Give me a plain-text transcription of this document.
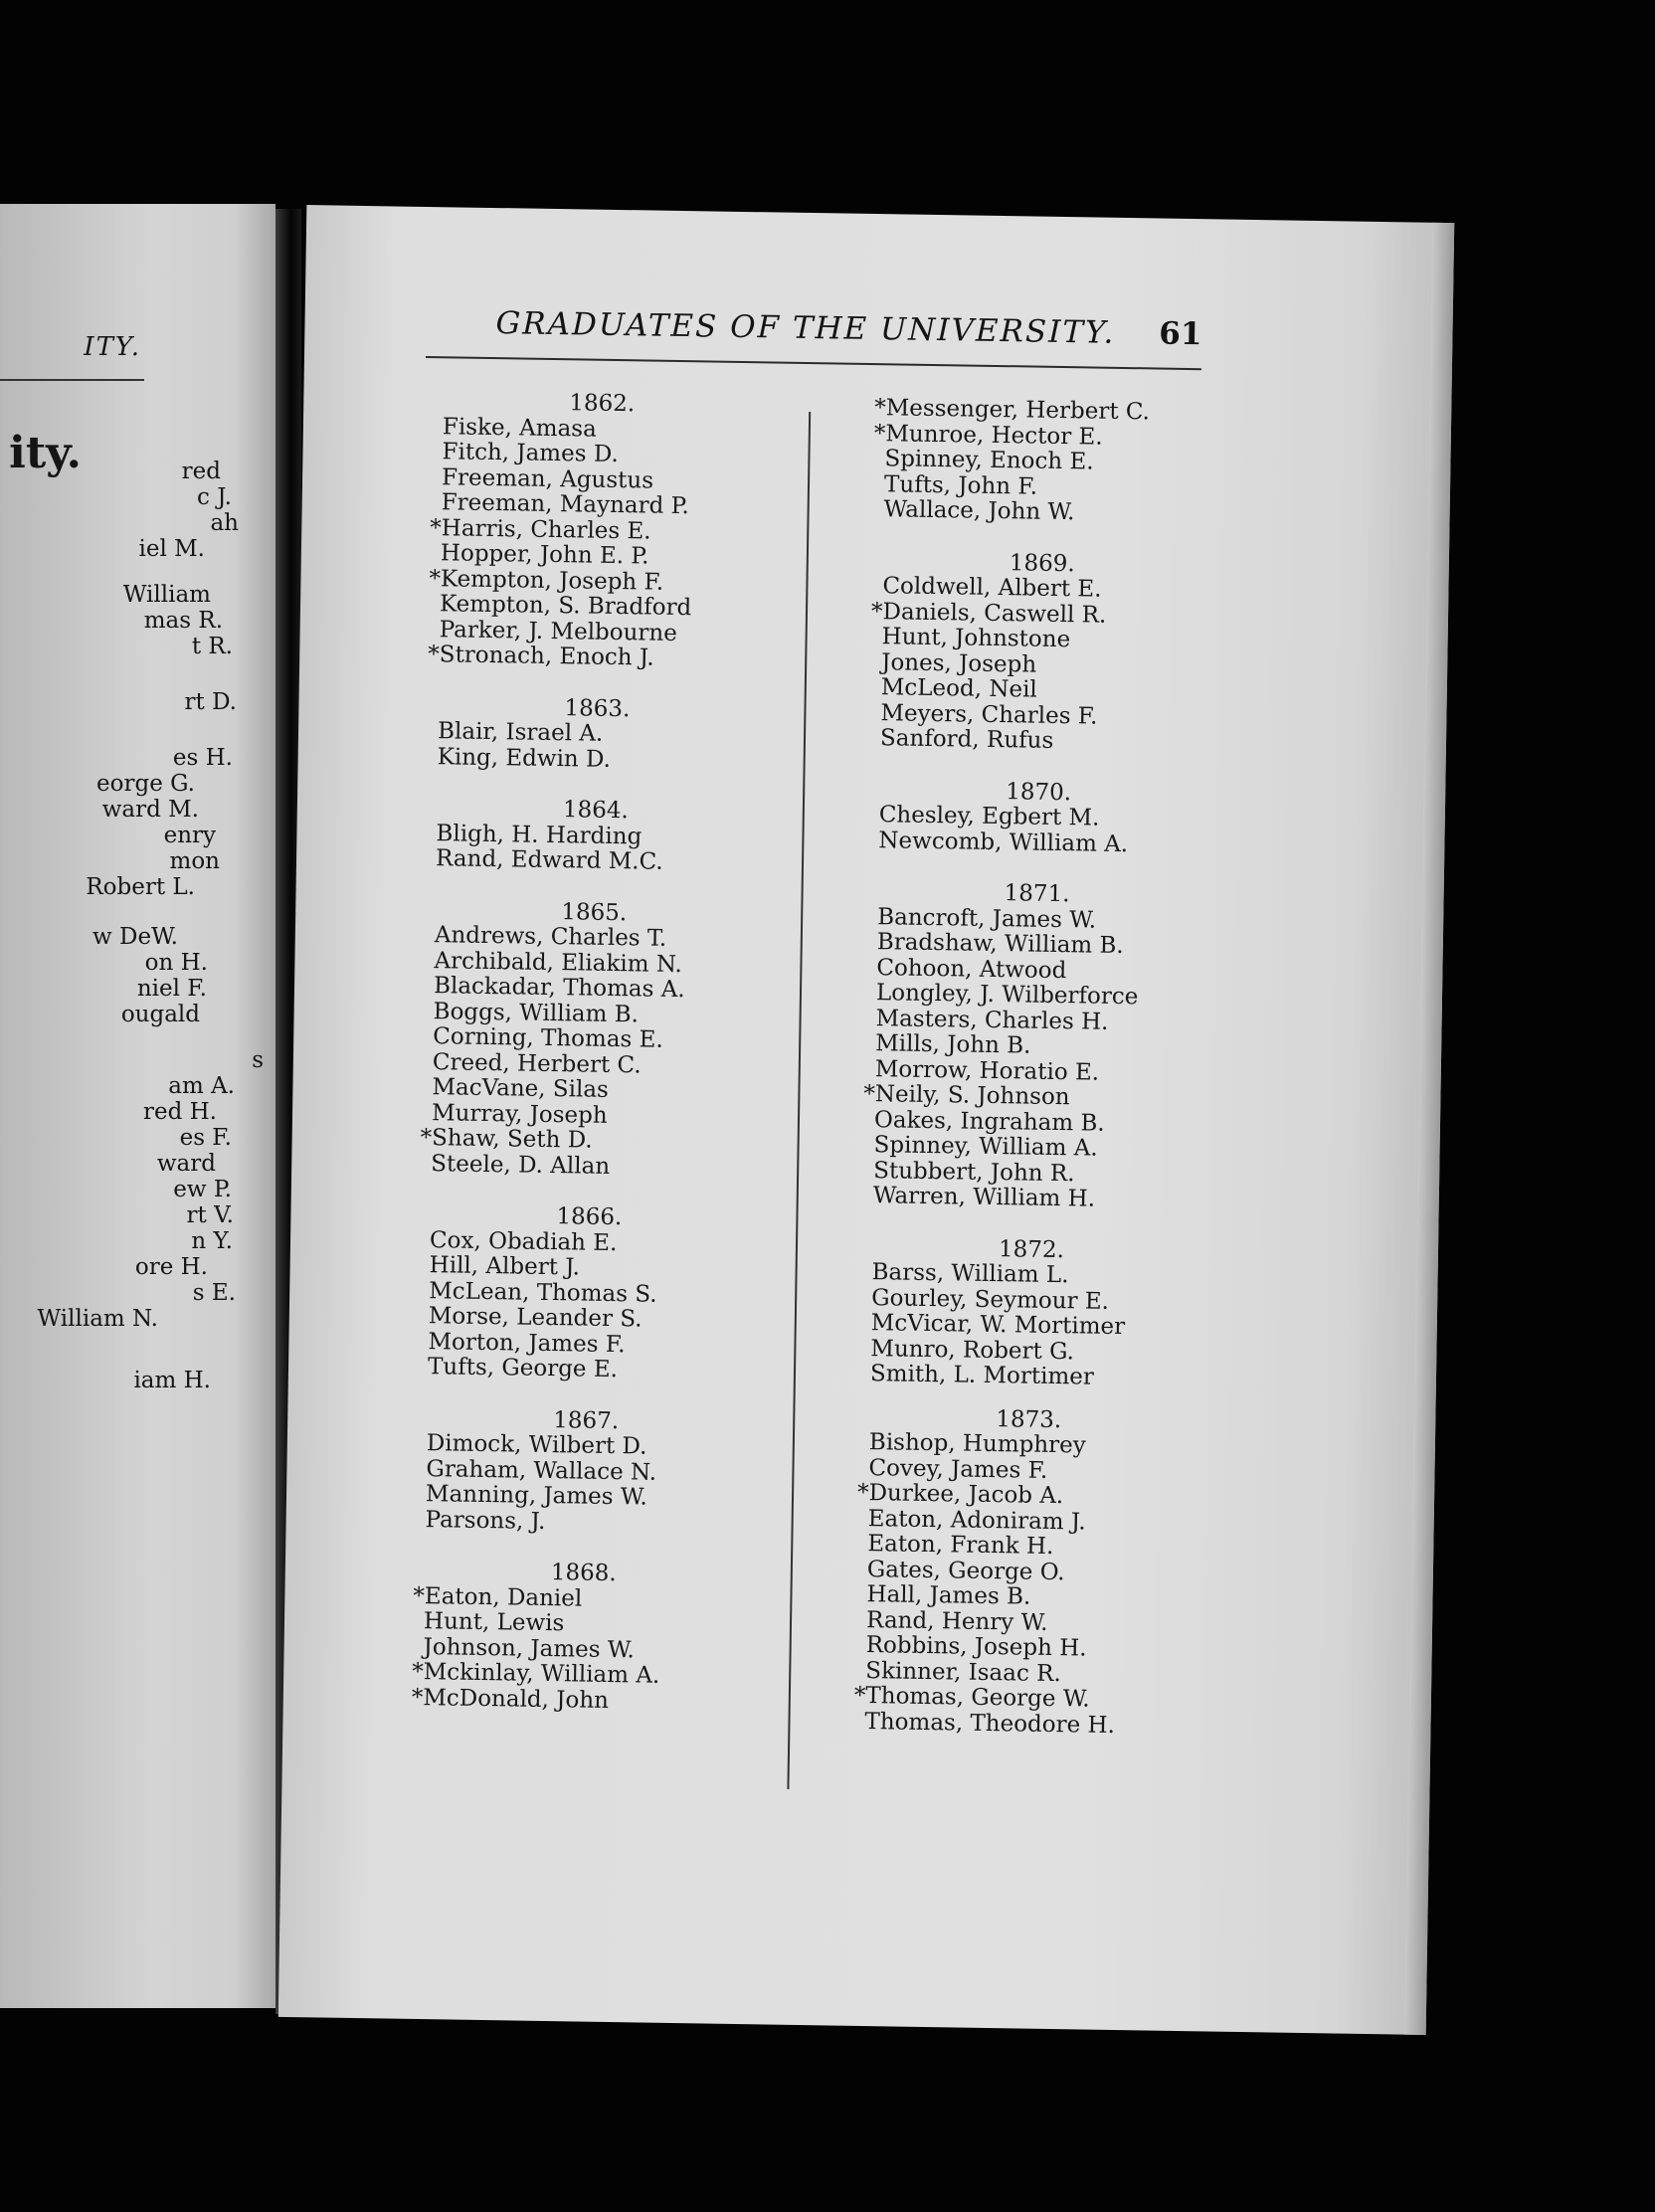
ITY.
ity.	red
c J.
ah
iel M.
William
mas R.
t R.
rt D.
es H.
eorge G.
ward M.
enry
mon
Robert L.
w DeW.
on H.
niel F.
ougald
s
am A.
red H.
es F.
ward
ew P.
rt V.
n Y.
ore H.
s E.
William N.
iam H.
GRADUATES OF THE UNIVERSITY. 61
1862.
Fiske, Amasa
Fitch, James D.
Freeman, Agustus
Freeman, Maynard P.
*Harris, Charles E.
Hopper, John E. P.
*Kempton, Joseph F.
Kempton, S. Bradford
Parker, J. Melbourne
*Stronach, Enoch J.
1863.
Blair, Israel A.
King, Edwin D.
1864.
Bligh, H. Harding
Rand, Edward M.C.
1865.
Andrews, Charles T.
Archibald, Eliakim N.
Blackadar, Thomas A.
Boggs, William B.
Corning, Thomas E.
Creed, Herbert C.
MacVane, Silas
Murray, Joseph
*Shaw, Seth D.
Steele, D. Allan
1866.
Cox, Obadiah E.
Hill, Albert J.
McLean, Thomas S.
Morse, Leander S.
Morton, James F.
Tufts, George E.
1867.
Dimock, Wilbert D.
Graham, Wallace N.
Manning, James W.
Parsons, J.
1868.
*Eaton, Daniel
Hunt, Lewis
Johnson, James W.
*Mckinlay, William A.
*McDonald, John
*Messenger, Herbert C.
*Munroe, Hector E.
Spinney, Enoch E.
Tufts, John F.
Wallace, John W.
1869.
Coldwell, Albert E.
*Daniels, Caswell R.
Hunt, Johnstone
Jones, Joseph
McLeod, Neil
Meyers, Charles F.
Sanford, Rufus
1870.
Chesley, Egbert M.
Newcomb, William A.
1871.
Bancroft, James W.
Bradshaw, William B.
Cohoon, Atwood
Longley, J. Wilberforce
Masters, Charles H.
Mills, John B.
Morrow, Horatio E.
*Neily, S. Johnson
Oakes, Ingraham B.
Spinney, William A.
Stubbert, John R.
Warren, William H.
1872.
Barss, William L.
Gourley, Seymour E.
McVicar, W. Mortimer
Munro, Robert G.
Smith, L. Mortimer
1873.
Bishop, Humphrey
Covey, James F.
*Durkee, Jacob A.
Eaton, Adoniram J.
Eaton, Frank H.
Gates, George O.
Hall, James B.
Rand, Henry W.
Robbins, Joseph H.
Skinner, Isaac R.
*Thomas, George W.
Thomas, Theodore H.
